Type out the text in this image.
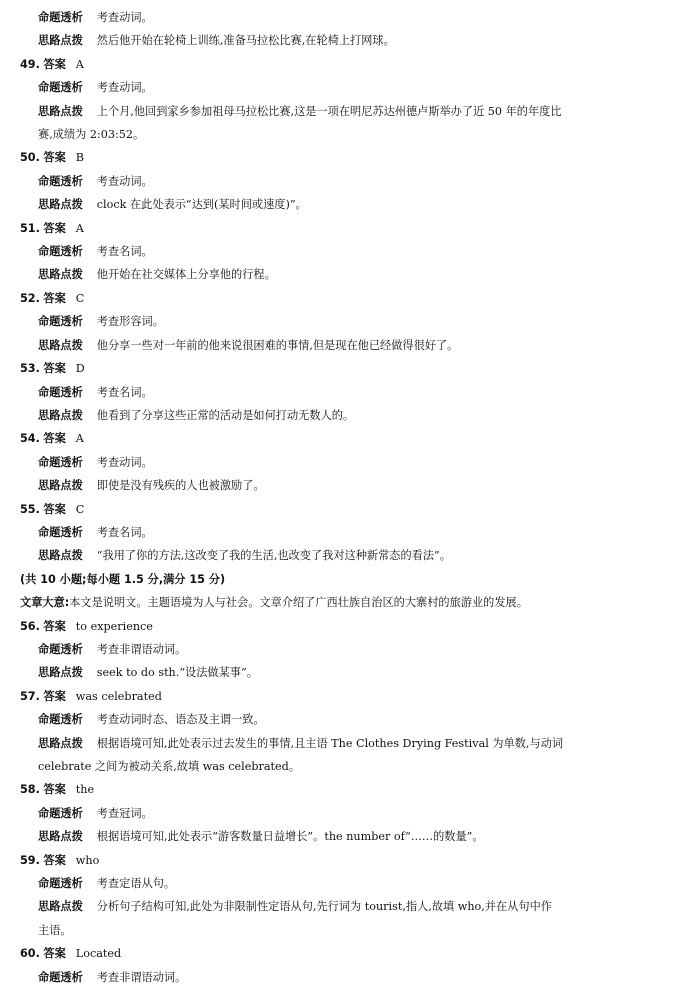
命题透析 考查动词。
思路点拨 然后他开始在轮椅上训练,准备马拉松比赛,在轮椅上打网球。
49. 答案 A
命题透析 考查动词。
思路点拨 上个月,他回到家乡参加祖母马拉松比赛,这是一项在明尼苏达州德卢斯举办了近 50 年的年度比
赛,成绩为 2:03:52。
50. 答案 B
命题透析 考查动词。
思路点拨 clock 在此处表示“达到(某时间或速度)”。
51. 答案 A
命题透析 考查名词。
思路点拨 他开始在社交媒体上分享他的行程。
52. 答案 C
命题透析 考查形容词。
思路点拨 他分享一些对一年前的他来说很困难的事情,但是现在他已经做得很好了。
53. 答案 D
命题透析 考查名词。
思路点拨 他看到了分享这些正常的活动是如何打动无数人的。
54. 答案 A
命题透析 考查动词。
思路点拨 即使是没有残疾的人也被激励了。
55. 答案 C
命题透析 考查名词。
思路点拨 “我用了你的方法,这改变了我的生活,也改变了我对这种新常态的看法”。
(共 10 小题;每小题 1.5 分,满分 15 分)
文章大意:本文是说明文。主题语境为人与社会。文章介绍了广西壮族自治区的大寨村的旅游业的发展。
56. 答案 to experience
命题透析 考查非谓语动词。
思路点拨 seek to do sth.“设法做某事”。
57. 答案 was celebrated
命题透析 考查动词时态、语态及主谓一致。
思路点拨 根据语境可知,此处表示过去发生的事情,且主语 The Clothes Drying Festival 为单数,与动词
celebrate 之间为被动关系,故填 was celebrated。
58. 答案 the
命题透析 考查冠词。
思路点拨 根据语境可知,此处表示“游客数量日益增长”。the number of“……的数量”。
59. 答案 who
命题透析 考查定语从句。
思路点拨 分析句子结构可知,此处为非限制性定语从句,先行词为 tourist,指人,故填 who,并在从句中作
主语。
60. 答案 Located
命题透析 考查非谓语动词。
